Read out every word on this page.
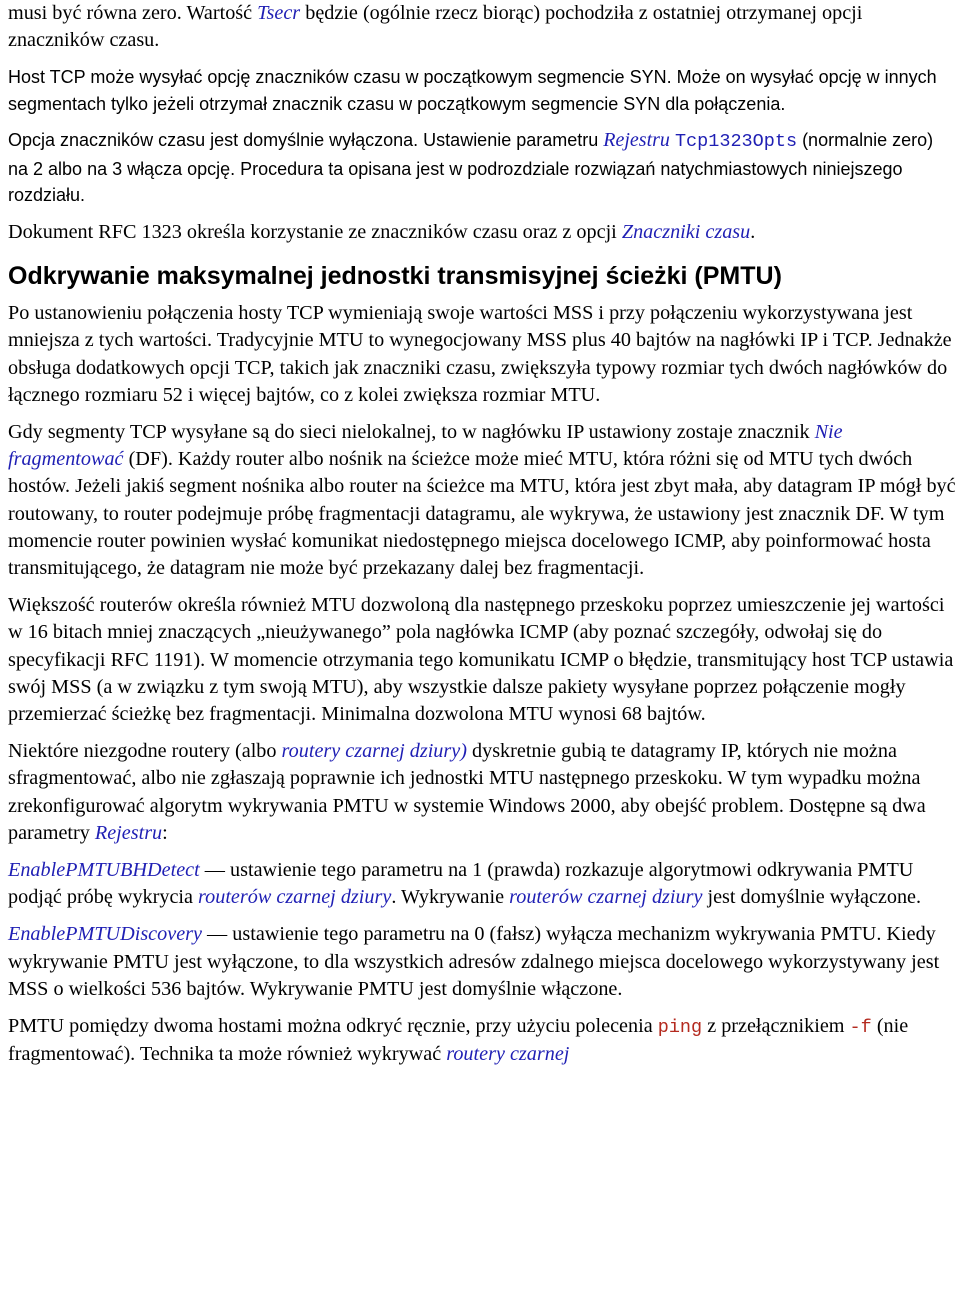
musi być równa zero. Wartość Tsecr będzie (ogólnie rzecz biorąc) pochodziła z ostatniej otrzymanej opcji znaczników czasu.

Host TCP może wysyłać opcję znaczników czasu w początkowym segmencie SYN. Może on wysyłać opcję w innych segmentach tylko jeżeli otrzymał znacznik czasu w początkowym segmencie SYN dla połączenia.

Opcja znaczników czasu jest domyślnie wyłączona. Ustawienie parametru Rejestru Tcp1323Opts (normalnie zero) na 2 albo na 3 włącza opcję. Procedura ta opisana jest w podrozdziale rozwiązań natychmiastowych niniejszego rozdziału.

Dokument RFC 1323 określa korzystanie ze znaczników czasu oraz z opcji Znaczniki czasu.

Odkrywanie maksymalnej jednostki transmisyjnej ścieżki (PMTU)

Po ustanowieniu połączenia hosty TCP wymieniają swoje wartości MSS i przy połączeniu wykorzystywana jest mniejsza z tych wartości. Tradycyjnie MTU to wynegocjowany MSS plus 40 bajtów na nagłówki IP i TCP. Jednakże obsługa dodatkowych opcji TCP, takich jak znaczniki czasu, zwiększyła typowy rozmiar tych dwóch nagłówków do łącznego rozmiaru 52 i więcej bajtów, co z kolei zwiększa rozmiar MTU.

Gdy segmenty TCP wysyłane są do sieci nielokalnej, to w nagłówku IP ustawiony zostaje znacznik Nie fragmentować (DF). Każdy router albo nośnik na ścieżce może mieć MTU, która różni się od MTU tych dwóch hostów. Jeżeli jakiś segment nośnika albo router na ścieżce ma MTU, która jest zbyt mała, aby datagram IP mógł być routowany, to router podejmuje próbę fragmentacji datagramu, ale wykrywa, że ustawiony jest znacznik DF. W tym momencie router powinien wysłać komunikat niedostępnego miejsca docelowego ICMP, aby poinformować hosta transmitującego, że datagram nie może być przekazany dalej bez fragmentacji.

Większość routerów określa również MTU dozwoloną dla następnego przeskoku poprzez umieszczenie jej wartości w 16 bitach mniej znaczących „nieużywanego” pola nagłówka ICMP (aby poznać szczegóły, odwołaj się do specyfikacji RFC 1191). W momencie otrzymania tego komunikatu ICMP o błędzie, transmitujący host TCP ustawia swój MSS (a w związku z tym swoją MTU), aby wszystkie dalsze pakiety wysyłane poprzez połączenie mogły przemierzać ścieżkę bez fragmentacji. Minimalna dozwolona MTU wynosi 68 bajtów.

Niektóre niezgodne routery (albo routery czarnej dziury) dyskretnie gubią te datagramy IP, których nie można sfragmentować, albo nie zgłaszają poprawnie ich jednostki MTU następnego przeskoku. W tym wypadku można zrekonfigurować algorytm wykrywania PMTU w systemie Windows 2000, aby obejść problem. Dostępne są dwa parametry Rejestru:

EnablePMTUBHDetect — ustawienie tego parametru na 1 (prawda) rozkazuje algorytmowi odkrywania PMTU podjąć próbę wykrycia routerów czarnej dziury. Wykrywanie routerów czarnej dziury jest domyślnie wyłączone.

EnablePMTUDiscovery — ustawienie tego parametru na 0 (fałsz) wyłącza mechanizm wykrywania PMTU. Kiedy wykrywanie PMTU jest wyłączone, to dla wszystkich adresów zdalnego miejsca docelowego wykorzystywany jest MSS o wielkości 536 bajtów. Wykrywanie PMTU jest domyślnie włączone.

PMTU pomiędzy dwoma hostami można odkryć ręcznie, przy użyciu polecenia ping z przełącznikiem -f (nie fragmentować). Technika ta może również wykrywać routery czarnej
